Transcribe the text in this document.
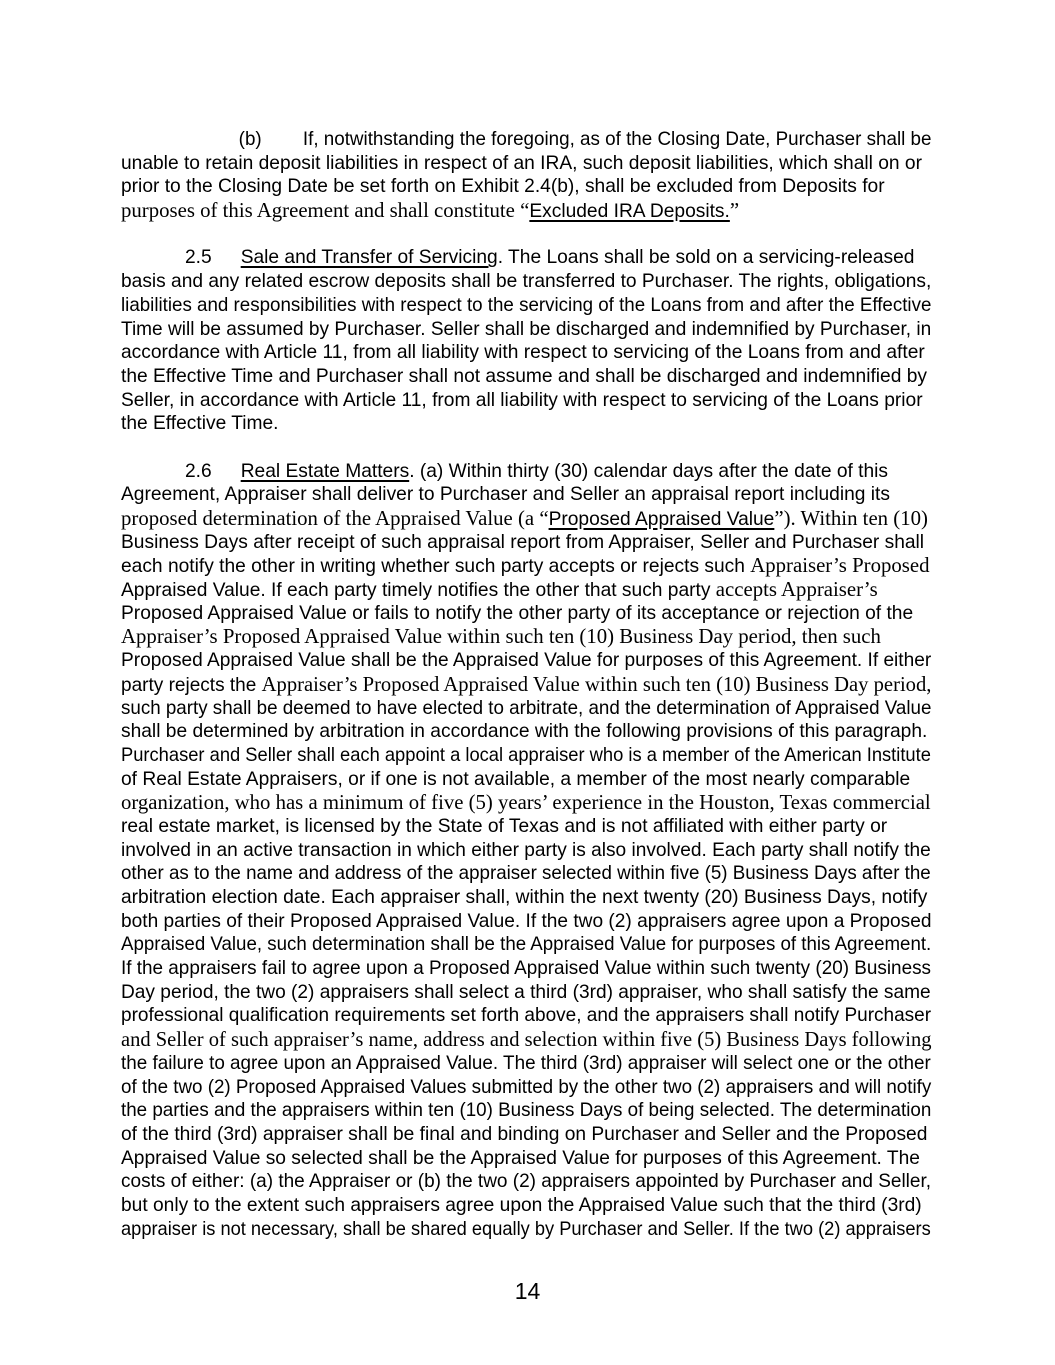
(b) If, notwithstanding the foregoing, as of the Closing Date, Purchaser shall be
unable to retain deposit liabilities in respect of an IRA, such deposit liabilities, which shall on or
prior to the Closing Date be set forth on Exhibit 2.4(b), shall be excluded from Deposits for
purposes of this Agreement and shall constitute “Excluded IRA Deposits.”
2.5 Sale and Transfer of Servicing. The Loans shall be sold on a servicing-released
basis and any related escrow deposits shall be transferred to Purchaser. The rights, obligations,
liabilities and responsibilities with respect to the servicing of the Loans from and after the Effective
Time will be assumed by Purchaser. Seller shall be discharged and indemnified by Purchaser, in
accordance with Article 11, from all liability with respect to servicing of the Loans from and after
the Effective Time and Purchaser shall not assume and shall be discharged and indemnified by
Seller, in accordance with Article 11, from all liability with respect to servicing of the Loans prior
the Effective Time.
2.6 Real Estate Matters. (a) Within thirty (30) calendar days after the date of this
Agreement, Appraiser shall deliver to Purchaser and Seller an appraisal report including its
proposed determination of the Appraised Value (a “Proposed Appraised Value”). Within ten (10)
Business Days after receipt of such appraisal report from Appraiser, Seller and Purchaser shall
each notify the other in writing whether such party accepts or rejects such Appraiser’s Proposed
Appraised Value. If each party timely notifies the other that such party accepts Appraiser’s
Proposed Appraised Value or fails to notify the other party of its acceptance or rejection of the
Appraiser’s Proposed Appraised Value within such ten (10) Business Day period, then such
Proposed Appraised Value shall be the Appraised Value for purposes of this Agreement. If either
party rejects the Appraiser’s Proposed Appraised Value within such ten (10) Business Day period,
such party shall be deemed to have elected to arbitrate, and the determination of Appraised Value
shall be determined by arbitration in accordance with the following provisions of this paragraph.
Purchaser and Seller shall each appoint a local appraiser who is a member of the American Institute
of Real Estate Appraisers, or if one is not available, a member of the most nearly comparable
organization, who has a minimum of five (5) years’ experience in the Houston, Texas commercial
real estate market, is licensed by the State of Texas and is not affiliated with either party or
involved in an active transaction in which either party is also involved. Each party shall notify the
other as to the name and address of the appraiser selected within five (5) Business Days after the
arbitration election date. Each appraiser shall, within the next twenty (20) Business Days, notify
both parties of their Proposed Appraised Value. If the two (2) appraisers agree upon a Proposed
Appraised Value, such determination shall be the Appraised Value for purposes of this Agreement.
If the appraisers fail to agree upon a Proposed Appraised Value within such twenty (20) Business
Day period, the two (2) appraisers shall select a third (3rd) appraiser, who shall satisfy the same
professional qualification requirements set forth above, and the appraisers shall notify Purchaser
and Seller of such appraiser’s name, address and selection within five (5) Business Days following
the failure to agree upon an Appraised Value. The third (3rd) appraiser will select one or the other
of the two (2) Proposed Appraised Values submitted by the other two (2) appraisers and will notify
the parties and the appraisers within ten (10) Business Days of being selected. The determination
of the third (3rd) appraiser shall be final and binding on Purchaser and Seller and the Proposed
Appraised Value so selected shall be the Appraised Value for purposes of this Agreement. The
costs of either: (a) the Appraiser or (b) the two (2) appraisers appointed by Purchaser and Seller,
but only to the extent such appraisers agree upon the Appraised Value such that the third (3rd)
appraiser is not necessary, shall be shared equally by Purchaser and Seller. If the two (2) appraisers
14
